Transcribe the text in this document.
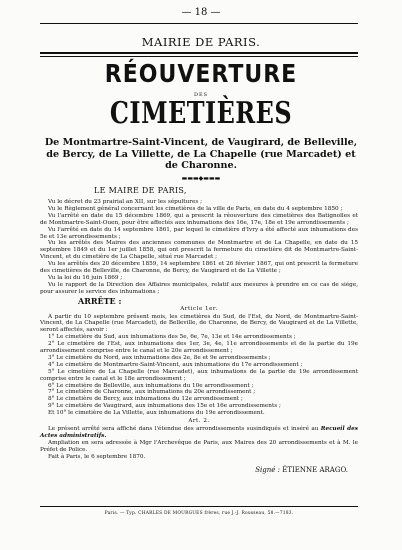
— 18 —
MAIRIE DE PARIS.
RÉOUVERTURE
DES
CIMETIÈRES
De Montmartre-Saint-Vincent, de Vaugirard, de Belleville, de Bercy, de La Villette, de La Chapelle (rue Marcadet) et de Charonne.
▬▬▬◆▬▬▬
LE MAIRE DE PARIS,

Vu le décret du 23 prairial an XII, sur les sépultures ;

Vu le Règlement général concernant les cimetières de la ville de Paris, en date du 4 septembre 1850 ;

Vu l'arrêté en date du 15 décembre 1869, qui a prescrit la réouverture des cimetières des Batignolles et de Montmartre-Saint-Ouen, pour être affectés aux inhumations des 16e, 17e, 18e et 19e arrondissements ;

Vu l'arrêté en date du 14 septembre 1861, par lequel le cimetière d'Ivry a été affecté aux inhumations des 5e et 13e arrondissements ;

Vu les arrêtés des Maires des anciennes communes de Montmartre et de La Chapelle, en date du 15 septembre 1849 et du 1er juillet 1858, qui ont prescrit la fermeture du cimetière dit de Montmartre-Saint-Vincent, et du cimetière de La Chapelle, situé rue Marcadet ;

Vu les arrêtés des 20 décembre 1859, 14 septembre 1861 et 26 février 1867, qui ont prescrit la fermeture des cimetières de Belleville, de Charonne, de Bercy, de Vaugirard et de La Villette ;

Vu la loi du 16 juin 1869 ;

Vu le rapport de la Direction des Affaires municipales, relatif aux mesures à prendre en ce cas de siége, pour assurer le service des inhumations ;

ARRÊTE :
Article 1er.

A partir du 10 septembre présent mois, les cimetières du Sud, de l'Est, du Nord, de Montmartre-Saint-Vincent, de La Chapelle (rue Marcadet), de Belleville, de Charonne, de Bercy, de Vaugirard et de La Villette, seront affectés, savoir :

1° Le cimetière du Sud, aux inhumations des 5e, 6e, 7e, 13e et 14e arrondissements ;

2° Le cimetière de l'Est, aux inhumations des 1er, 3e, 4e, 11e arrondissements et de la partie du 19e arrondissement comprise entre le canal et le 20e arrondissement ;

3° Le cimetière du Nord, aux inhumations des 2e, 8e et 9e arrondissements ;

4° Le cimetière de Montmartre-Saint-Vincent, aux inhumations du 17e arrondissement ;

5° Le cimetière de La Chapelle (rue Marcadet), aux inhumations de la partie du 19e arrondissement comprise entre le canal et le 18e arrondissement ;

6° Le cimetière de Belleville, aux inhumations du 10e arrondissement ;

7° Le cimetière de Charonne, aux inhumations du 20e arrondissement ;

8° Le cimetière de Bercy, aux inhumations du 12e arrondissement ;

9° Le cimetière de Vaugirard, aux inhumations des 15e et 16e arrondissements ;

Et 10° le cimetière de La Villette, aux inhumations du 19e arrondissement.

Art. 2.

Le présent arrêté sera affiché dans l'étendue des arrondissements susindiqués et inséré au Recueil des Actes administratifs.

Ampliation en sera adressée à Mgr l'Archevêque de Paris, aux Maires des 20 arrondissements et à M. le Préfet de Police.

Fait à Paris, le 6 septembre 1870.

Signé : ÉTIENNE ARAGO.
Paris. — Typ. CHARLES DE MOURGUES frères, rue J.-J. Rousseau, 58.—7183.
